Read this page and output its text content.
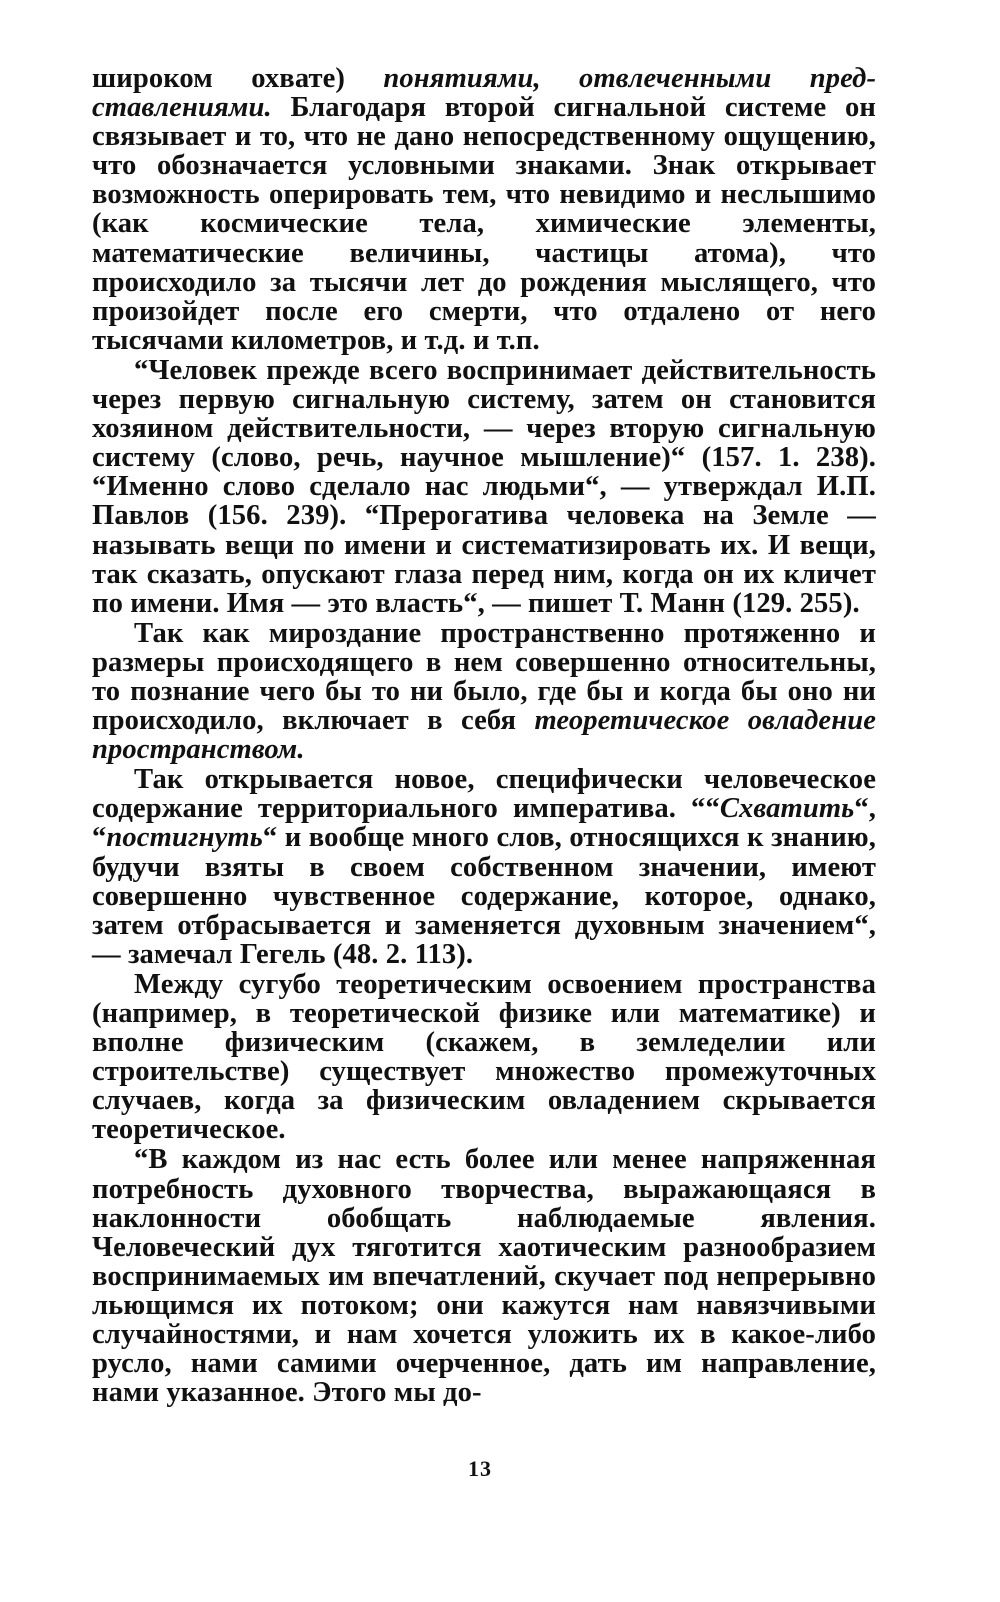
широком охвате) понятиями, отвлеченными представлениями. Благодаря второй сигнальной системе он связывает и то, что не дано непосредственному ощущению, что обозначается условными знаками. Знак открывает возможность оперировать тем, что невидимо и неслышимо (как космические тела, химические элементы, математические величины, частицы атома), что происходило за тысячи лет до рождения мыслящего, что произойдет после его смерти, что отдалено от него тысячами километров, и т.д. и т.п.

“Человек прежде всего воспринимает действительность через первую сигнальную систему, затем он становится хозяином действительности, — через вторую сигнальную систему (слово, речь, научное мышление)“ (157. 1. 238). “Именно слово сделало нас людьми“, — утверждал И.П. Павлов (156. 239). “Прерогатива человека на Земле — называть вещи по имени и систематизировать их. И вещи, так сказать, опускают глаза перед ним, когда он их кличет по имени. Имя — это власть“, — пишет Т. Манн (129. 255).

Так как мироздание пространственно протяженно и размеры происходящего в нем совершенно относительны, то познание чего бы то ни было, где бы и когда бы оно ни происходило, включает в себя теоретическое овладение пространством.

Так открывается новое, специфически человеческое содержание территориального императива. ““Схватить“, “постигнуть“ и вообще много слов, относящихся к знанию, будучи взяты в своем собственном значении, имеют совершенно чувственное содержание, которое, однако, затем отбрасывается и заменяется духовным значением“, — замечал Гегель (48. 2. 113).

Между сугубо теоретическим освоением пространства (например, в теоретической физике или математике) и вполне физическим (скажем, в земледелии или строительстве) существует множество промежуточных случаев, когда за физическим овладением скрывается теоретическое.

“В каждом из нас есть более или менее напряженная потребность духовного творчества, выражающаяся в наклонности обобщать наблюдаемые явления. Человеческий дух тяготится хаотическим разнообразием воспринимаемых им впечатлений, скучает под непрерывно льющимся их потоком; они кажутся нам навязчивыми случайностями, и нам хочется уложить их в какое-либо русло, нами самими очерченное, дать им направление, нами указанное. Этого мы до-

13
